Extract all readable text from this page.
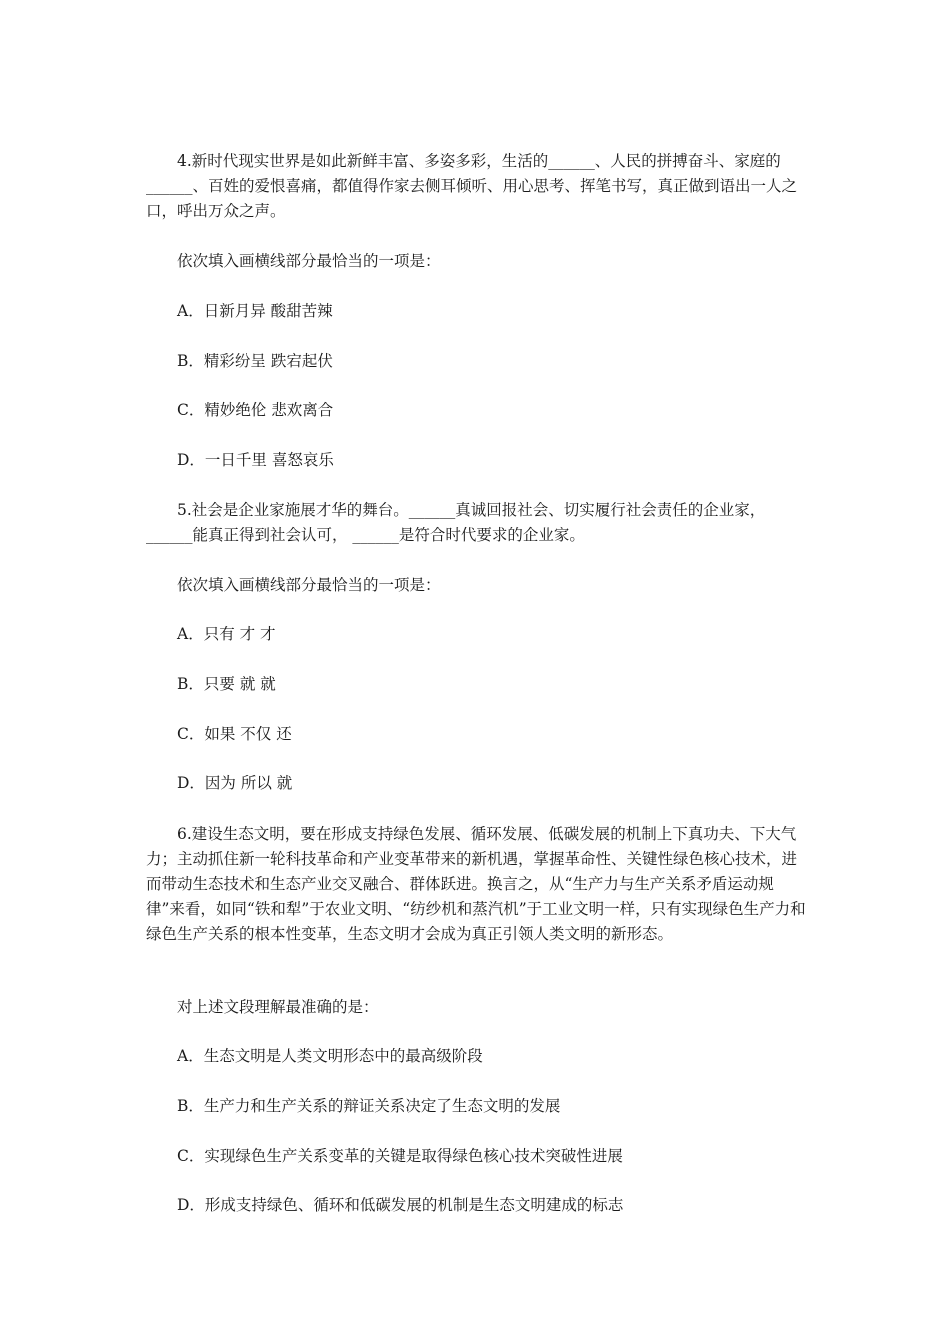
4.新时代现实世界是如此新鲜丰富、多姿多彩，生活的______、人民的拼搏奋斗、家庭的______、百姓的爱恨喜痛，都值得作家去侧耳倾听、用心思考、挥笔书写，真正做到语出一人之口，呼出万众之声。

依次填入画横线部分最恰当的一项是：

A．日新月异 酸甜苦辣

B．精彩纷呈 跌宕起伏

C．精妙绝伦 悲欢离合

D．一日千里 喜怒哀乐

5.社会是企业家施展才华的舞台。______真诚回报社会、切实履行社会责任的企业家，______能真正得到社会认可， ______是符合时代要求的企业家。

依次填入画横线部分最恰当的一项是：

A．只有 才 才

B．只要 就 就

C．如果 不仅 还

D．因为 所以 就

6.建设生态文明，要在形成支持绿色发展、循环发展、低碳发展的机制上下真功夫、下大气力；主动抓住新一轮科技革命和产业变革带来的新机遇，掌握革命性、关键性绿色核心技术，进而带动生态技术和生态产业交叉融合、群体跃进。换言之，从“生产力与生产关系矛盾运动规律”来看，如同“铁和犁”于农业文明、“纺纱机和蒸汽机”于工业文明一样，只有实现绿色生产力和绿色生产关系的根本性变革，生态文明才会成为真正引领人类文明的新形态。

对上述文段理解最准确的是：

A．生态文明是人类文明形态中的最高级阶段

B．生产力和生产关系的辩证关系决定了生态文明的发展

C．实现绿色生产关系变革的关键是取得绿色核心技术突破性进展

D．形成支持绿色、循环和低碳发展的机制是生态文明建成的标志
